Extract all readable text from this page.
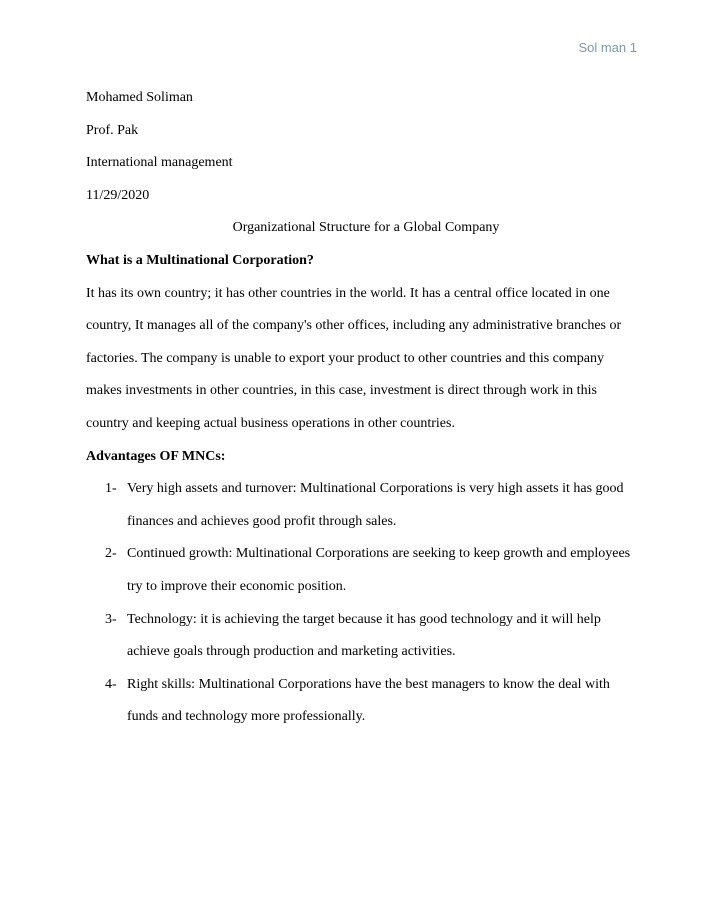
Sol man 1

Mohamed Soliman

Prof. Pak

International management

11/29/2020

Organizational Structure for a Global Company

What is a Multinational Corporation?

It has its own country; it has other countries in the world. It has a central office located in one
country, It manages all of the company's other offices, including any administrative branches or
factories. The company is unable to export your product to other countries and this company
makes investments in other countries, in this case, investment is direct through work in this
country and keeping actual business operations in other countries.

Advantages OF MNCs:

1- Very high assets and turnover: Multinational Corporations is very high assets it has good
finances and achieves good profit through sales.
2- Continued growth: Multinational Corporations are seeking to keep growth and employees
try to improve their economic position.
3- Technology: it is achieving the target because it has good technology and it will help
achieve goals through production and marketing activities.
4- Right skills: Multinational Corporations have the best managers to know the deal with
funds and technology more professionally.
